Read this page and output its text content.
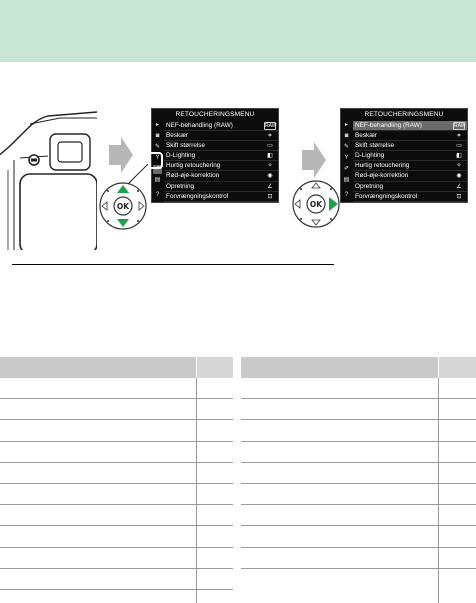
OK
RETOUCHERINGSMENU
▸
◙
✎
Y
✐
▤
?
NEF-behandling (RAW)	RAW
Beskær	⌗
Skift størrelse	▭
D-Lighting	◧
Hurtig retouchering	✧
Rød-øje-korrektion	◉
Opretning	∠
Forvrængningskontrol	⊡
OK
RETOUCHERINGSMENU
▸
◙
✎
Y
✐
▤
?
NEF-behandling (RAW)	RAW
Beskær	⌗
Skift størrelse	▭
D-Lighting	◧
Hurtig retouchering	✧
Rød-øje-korrektion	◉
Opretning	∠
Forvrængningskontrol	⊡
